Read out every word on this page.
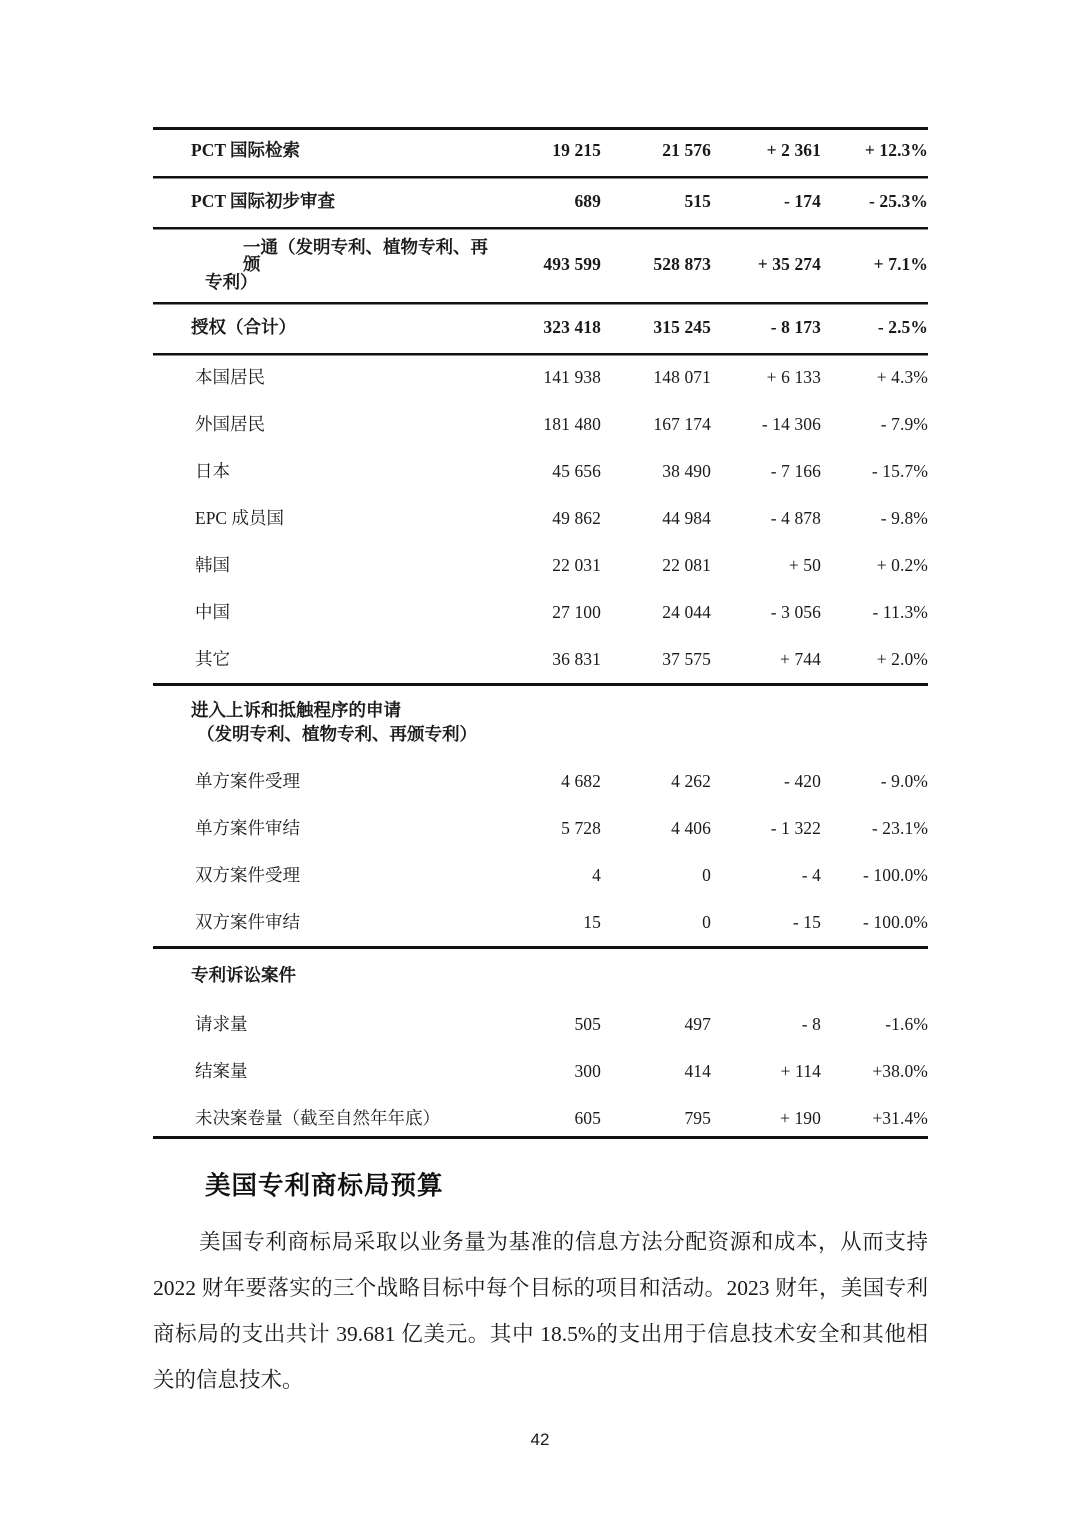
PCT 国际检索	19 215	21 576	+ 2 361	+ 12.3%
PCT 国际初步审查	689	515	- 174	- 25.3%

一通（发明专利、植物专利、再颁
专利）	493 599	528 873	+ 35 274	+ 7.1%
授权（合计）	323 418	315 245	- 8 173	- 2.5%
本国居民	141 938	148 071	+ 6 133	+ 4.3%
外国居民	181 480	167 174	- 14 306	- 7.9%
日本	45 656	38 490	- 7 166	- 15.7%
EPC 成员国	49 862	44 984	- 4 878	- 9.8%
韩国	22 031	22 081	+ 50	+ 0.2%
中国	27 100	24 044	- 3 056	- 11.3%
其它	36 831	37 575	+ 744	+ 2.0%

进入上诉和抵触程序的申请
（发明专利、植物专利、再颁专利）				

单方案件受理	4 682	4 262	- 420	- 9.0%
单方案件审结	5 728	4 406	- 1 322	- 23.1%
双方案件受理	4	0	- 4	- 100.0%
双方案件审结	15	0	- 15	- 100.0%
专利诉讼案件				
请求量	505	497	- 8	-1.6%
结案量	300	414	+ 114	+38.0%
未决案卷量（截至自然年年底）	605	795	+ 190	+31.4%
美国专利商标局预算

美国专利商标局采取以业务量为基准的信息方法分配资源和成本，从而支持 2022 财年要落实的三个战略目标中每个目标的项目和活动。2023 财年，美国专利商标局的支出共计 39.681 亿美元。其中 18.5%的支出用于信息技术安全和其他相关的信息技术。

42
